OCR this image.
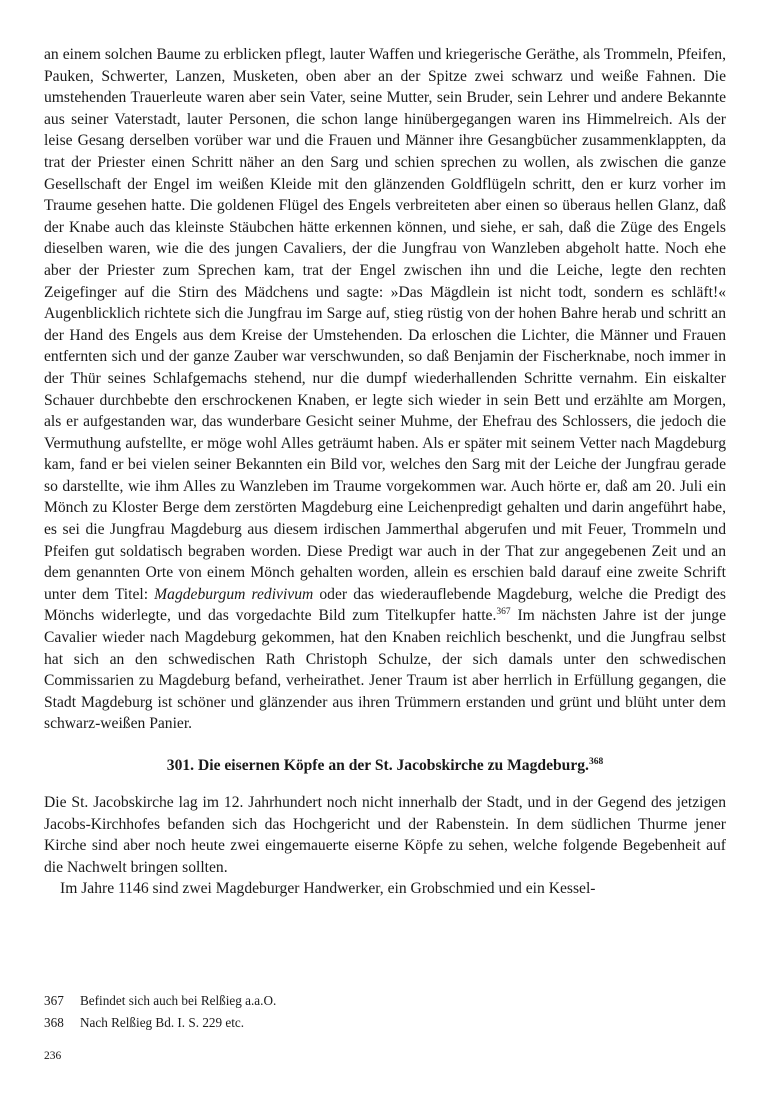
an einem solchen Baume zu erblicken pflegt, lauter Waffen und kriegerische Geräthe, als Trommeln, Pfeifen, Pauken, Schwerter, Lanzen, Musketen, oben aber an der Spitze zwei schwarz und weiße Fahnen. Die umstehenden Trauerleute waren aber sein Vater, seine Mutter, sein Bruder, sein Lehrer und andere Bekannte aus seiner Vaterstadt, lauter Personen, die schon lange hinübergegangen waren ins Himmelreich. Als der leise Gesang derselben vorüber war und die Frauen und Männer ihre Gesangbücher zusammenklappten, da trat der Priester einen Schritt näher an den Sarg und schien sprechen zu wollen, als zwischen die ganze Gesellschaft der Engel im weißen Kleide mit den glänzenden Goldflügeln schritt, den er kurz vorher im Traume gesehen hatte. Die goldenen Flügel des Engels verbreiteten aber einen so überaus hellen Glanz, daß der Knabe auch das kleinste Stäubchen hätte erkennen können, und siehe, er sah, daß die Züge des Engels dieselben waren, wie die des jungen Cavaliers, der die Jungfrau von Wanzleben abgeholt hatte. Noch ehe aber der Priester zum Sprechen kam, trat der Engel zwischen ihn und die Leiche, legte den rechten Zeigefinger auf die Stirn des Mädchens und sagte: »Das Mägdlein ist nicht todt, sondern es schläft!« Augenblicklich richtete sich die Jungfrau im Sarge auf, stieg rüstig von der hohen Bahre herab und schritt an der Hand des Engels aus dem Kreise der Umstehenden. Da erloschen die Lichter, die Männer und Frauen entfernten sich und der ganze Zauber war verschwunden, so daß Benjamin der Fischerknabe, noch immer in der Thür seines Schlafgemachs stehend, nur die dumpf wiederhallenden Schritte vernahm. Ein eiskalter Schauer durchbebte den erschrockenen Knaben, er legte sich wieder in sein Bett und erzählte am Morgen, als er aufgestanden war, das wunderbare Gesicht seiner Muhme, der Ehefrau des Schlossers, die jedoch die Vermuthung aufstellte, er möge wohl Alles geträumt haben. Als er später mit seinem Vetter nach Magdeburg kam, fand er bei vielen seiner Bekannten ein Bild vor, welches den Sarg mit der Leiche der Jungfrau gerade so darstellte, wie ihm Alles zu Wanzleben im Traume vorgekommen war. Auch hörte er, daß am 20. Juli ein Mönch zu Kloster Berge dem zerstörten Magdeburg eine Leichenpredigt gehalten und darin angeführt habe, es sei die Jungfrau Magdeburg aus diesem irdischen Jammerthal abgerufen und mit Feuer, Trommeln und Pfeifen gut soldatisch begraben worden. Diese Predigt war auch in der That zur angegebenen Zeit und an dem genannten Orte von einem Mönch gehalten worden, allein es erschien bald darauf eine zweite Schrift unter dem Titel: Magdeburgum redivivum oder das wiederauflebende Magdeburg, welche die Predigt des Mönchs widerlegte, und das vorgedachte Bild zum Titelkupfer hatte.$^{367}$ Im nächsten Jahre ist der junge Cavalier wieder nach Magdeburg gekommen, hat den Knaben reichlich beschenkt, und die Jungfrau selbst hat sich an den schwedischen Rath Christoph Schulze, der sich damals unter den schwedischen Commissarien zu Magdeburg befand, verheirathet. Jener Traum ist aber herrlich in Erfüllung gegangen, die Stadt Magdeburg ist schöner und glänzender aus ihren Trümmern erstanden und grünt und blüht unter dem schwarz-weißen Panier.

301. Die eisernen Köpfe an der St. Jacobskirche zu Magdeburg.$^{368}$

Die St. Jacobskirche lag im 12. Jahrhundert noch nicht innerhalb der Stadt, und in der Gegend des jetzigen Jacobs-Kirchhofes befanden sich das Hochgericht und der Rabenstein. In dem südlichen Thurme jener Kirche sind aber noch heute zwei eingemauerte eiserne Köpfe zu sehen, welche folgende Begebenheit auf die Nachwelt bringen sollten.

Im Jahre 1146 sind zwei Magdeburger Handwerker, ein Grobschmied und ein Kessel-

367	Befindet sich auch bei Relßieg a.a.O.
368	Nach Relßieg Bd. I. S. 229 etc.
236
